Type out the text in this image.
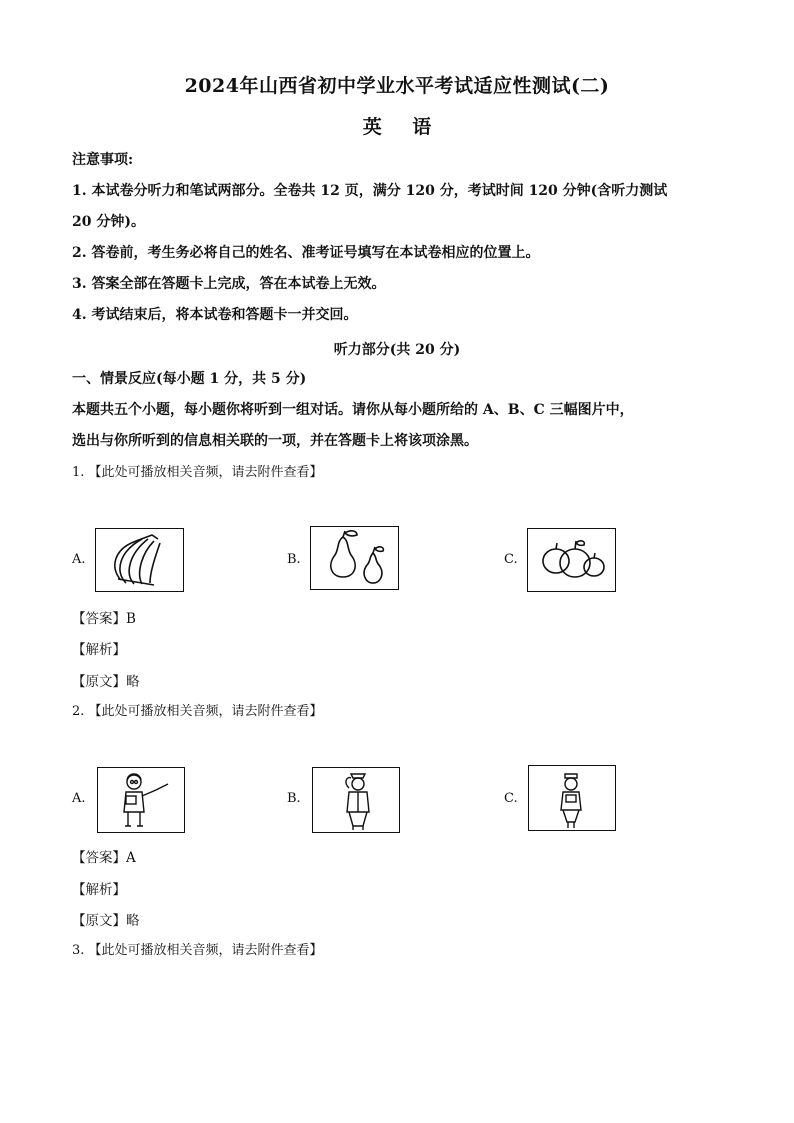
2024年山西省初中学业水平考试适应性测试(二)
英 语
注意事项:
1. 本试卷分听力和笔试两部分。全卷共 12 页，满分 120 分，考试时间 120 分钟(含听力测试
20 分钟)。
2. 答卷前，考生务必将自己的姓名、准考证号填写在本试卷相应的位置上。
3. 答案全部在答题卡上完成，答在本试卷上无效。
4. 考试结束后，将本试卷和答题卡一并交回。
听力部分(共 20 分)
一、情景反应(每小题 1 分，共 5 分)
本题共五个小题，每小题你将听到一组对话。请你从每小题所给的 A、B、C 三幅图片中，
选出与你所听到的信息相关联的一项，并在答题卡上将该项涂黑。
1. 【此处可播放相关音频，请去附件查看】
A.	B.	C.
【答案】B
【解析】
【原文】略
2. 【此处可播放相关音频，请去附件查看】
A.	B.	C.
【答案】A
【解析】
【原文】略
3. 【此处可播放相关音频，请去附件查看】
